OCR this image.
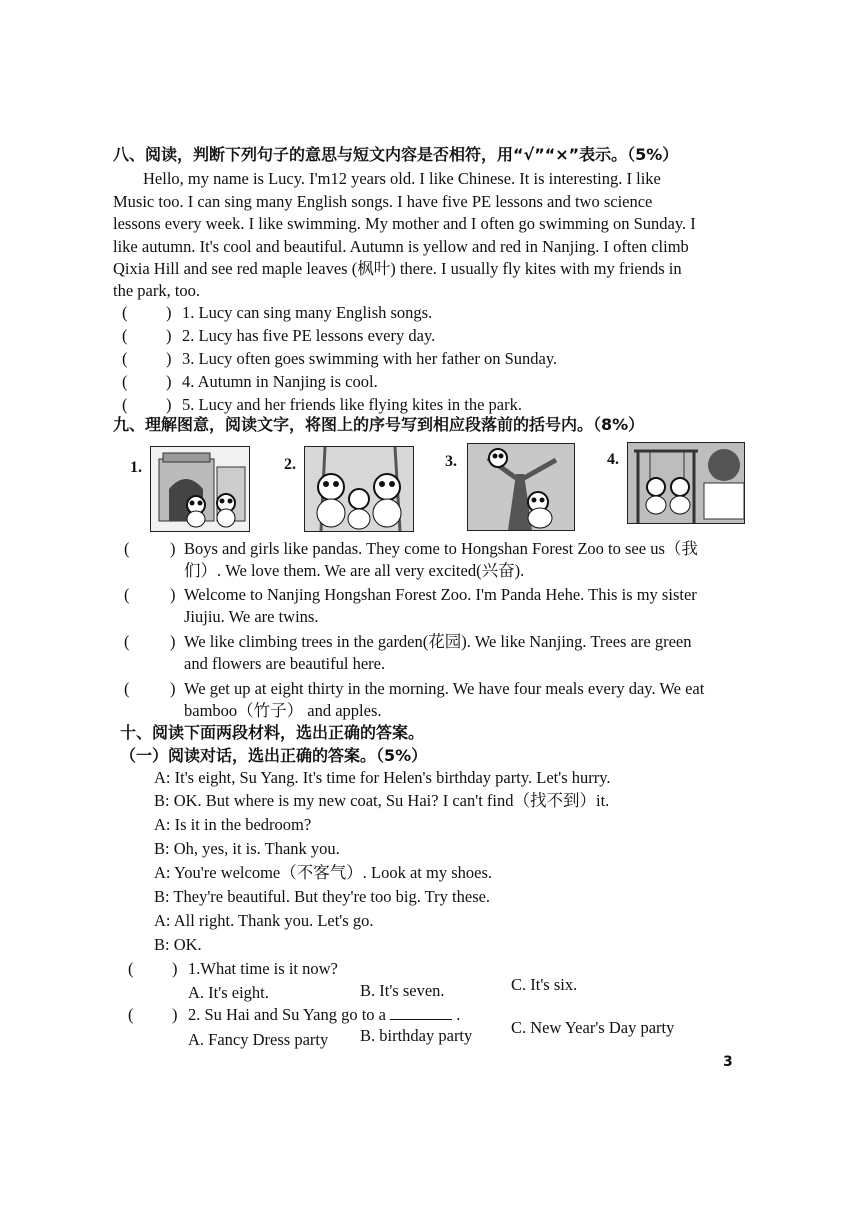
八、阅读，判断下列句子的意思与短文内容是否相符，用“√”“×”表示。（5%）
Hello, my name is Lucy. I'm12 years old. I like Chinese. It is interesting. I like
Music too. I can sing many English songs. I have five PE lessons and two science
lessons every week. I like swimming. My mother and I often go swimming on Sunday. I
like autumn. It's cool and beautiful. Autumn is yellow and red in Nanjing. I often climb
Qixia Hill and see red maple leaves (枫叶) there. I usually fly kites with my friends in
the park, too.
( ) 1. Lucy can sing many English songs.
( ) 2. Lucy has five PE lessons every day.
( ) 3. Lucy often goes swimming with her father on Sunday.
( ) 4. Autumn in Nanjing is cool.
( ) 5. Lucy and her friends like flying kites in the park.
九、理解图意，阅读文字，将图上的序号写到相应段落前的括号内。（8%）
1.	2.	3.	4.
( ) Boys and girls like pandas. They come to Hongshan Forest Zoo to see us（我
们）. We love them. We are all very excited(兴奋).
( ) Welcome to Nanjing Hongshan Forest Zoo. I'm Panda Hehe. This is my sister
Jiujiu. We are twins.
( ) We like climbing trees in the garden(花园). We like Nanjing. Trees are green
and flowers are beautiful here.
( ) We get up at eight thirty in the morning. We have four meals every day. We eat
bamboo（竹子） and apples.
十、阅读下面两段材料，选出正确的答案。
（一）阅读对话，选出正确的答案。（5%）
A: It's eight, Su Yang. It's time for Helen's birthday party. Let's hurry.
B: OK. But where is my new coat, Su Hai? I can't find（找不到）it.
A: Is it in the bedroom?
B: Oh, yes, it is. Thank you.
A: You're welcome（不客气）. Look at my shoes.
B: They're beautiful. But they're too big. Try these.
A: All right. Thank you. Let's go.
B: OK.
( ) 1.What time is it now?
A. It's eight.	B. It's seven.	C. It's six.
( ) 2. Su Hai and Su Yang go to a	.
A. Fancy Dress party B. birthday party C. New Year's Day party
3
